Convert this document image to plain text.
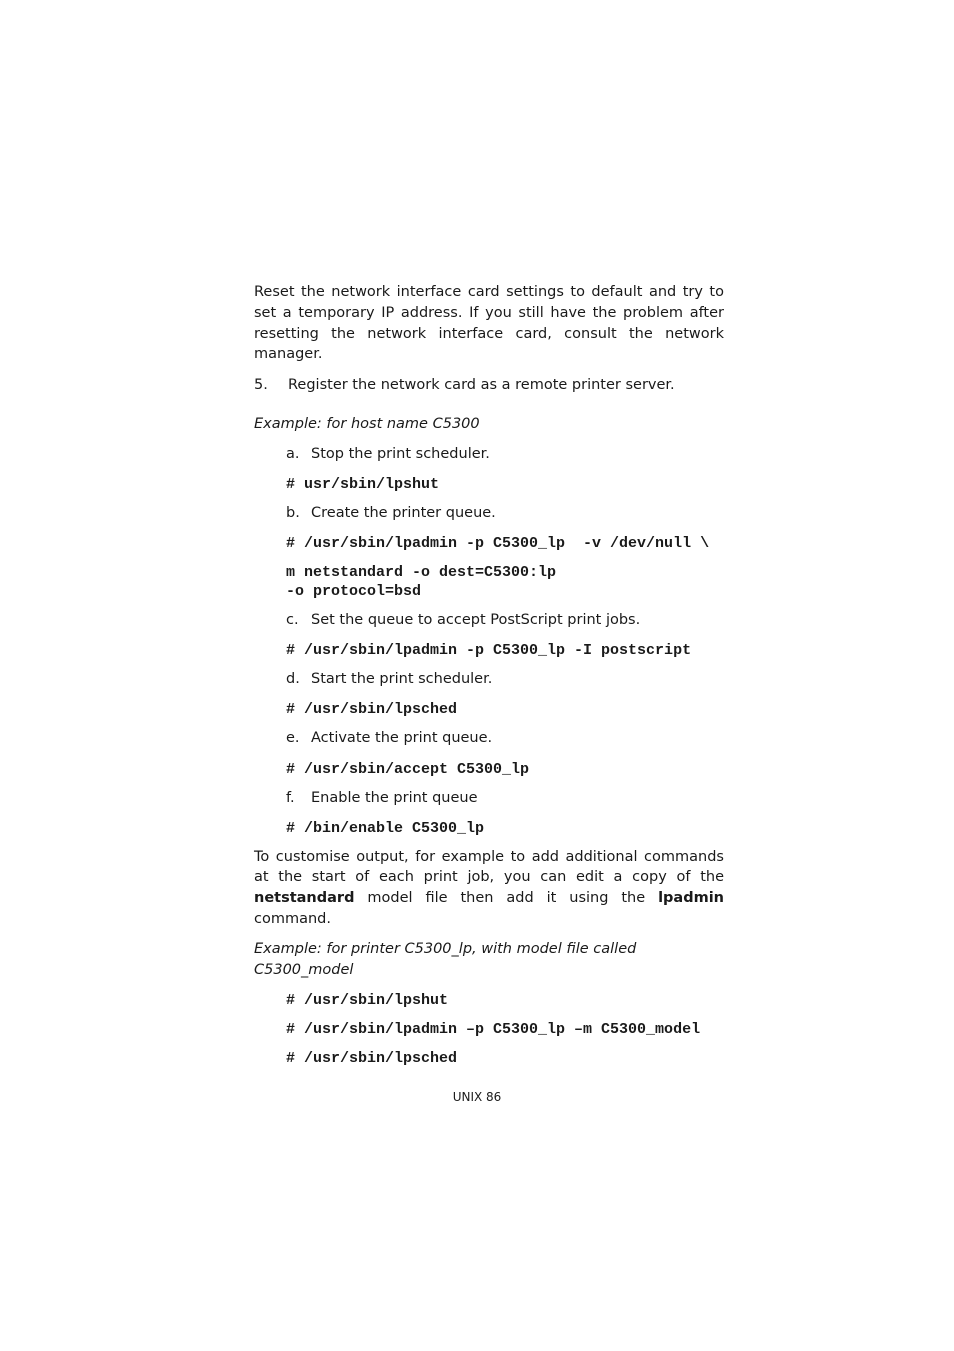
Reset the network interface card settings to default and try to set a temporary IP address. If you still have the problem after resetting the network interface card, consult the network manager.

5.	Register the network card as a remote printer server.

Example: for host name C5300

a. Stop the print scheduler.
# usr/sbin/lpshut
b. Create the printer queue.
# /usr/sbin/lpadmin -p C5300_lp  -v /dev/null \
m netstandard -o dest=C5300:lp
-o protocol=bsd
c. Set the queue to accept PostScript print jobs.
# /usr/sbin/lpadmin -p C5300_lp -I postscript
d. Start the print scheduler.
# /usr/sbin/lpsched
e. Activate the print queue.
# /usr/sbin/accept C5300_lp
f.	Enable the print queue
# /bin/enable C5300_lp

To customise output, for example to add additional commands at the start of each print job, you can edit a copy of the netstandard model file then add it using the lpadmin command.

Example: for printer C5300_lp, with model file called C5300_model

# /usr/sbin/lpshut
# /usr/sbin/lpadmin –p C5300_lp –m C5300_model
# /usr/sbin/lpsched
UNIX 86
